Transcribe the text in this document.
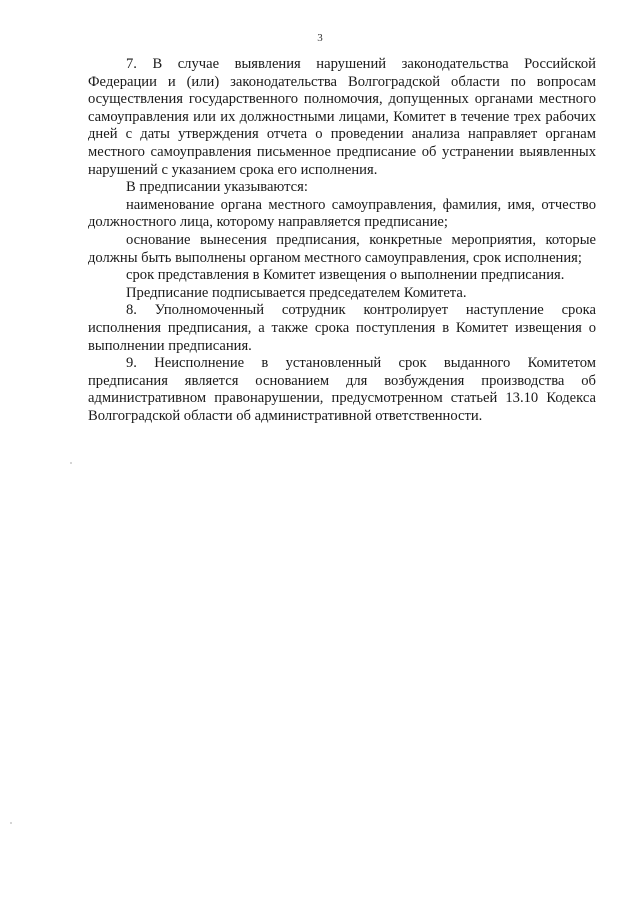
3

7. В случае выявления нарушений законодательства Российской Федерации и (или) законодательства Волгоградской области по вопросам осуществления государственного полномочия, допущенных органами местного самоуправления или их должностными лицами, Комитет в течение трех рабочих дней с даты утверждения отчета о проведении анализа направляет органам местного самоуправления письменное предписание об устранении выявленных нарушений с указанием срока его исполнения.

В предписании указываются:

наименование органа местного самоуправления, фамилия, имя, отчество должностного лица, которому направляется предписание;

основание вынесения предписания, конкретные мероприятия, которые должны быть выполнены органом местного самоуправления, срок исполнения;

срок представления в Комитет извещения о выполнении предписания.

Предписание подписывается председателем Комитета.

8. Уполномоченный сотрудник контролирует наступление срока исполнения предписания, а также срока поступления в Комитет извещения о выполнении предписания.

9. Неисполнение в установленный срок выданного Комитетом предписания является основанием для возбуждения производства об административном правонарушении, предусмотренном статьей 13.10 Кодекса Волгоградской области об административной ответственности.
